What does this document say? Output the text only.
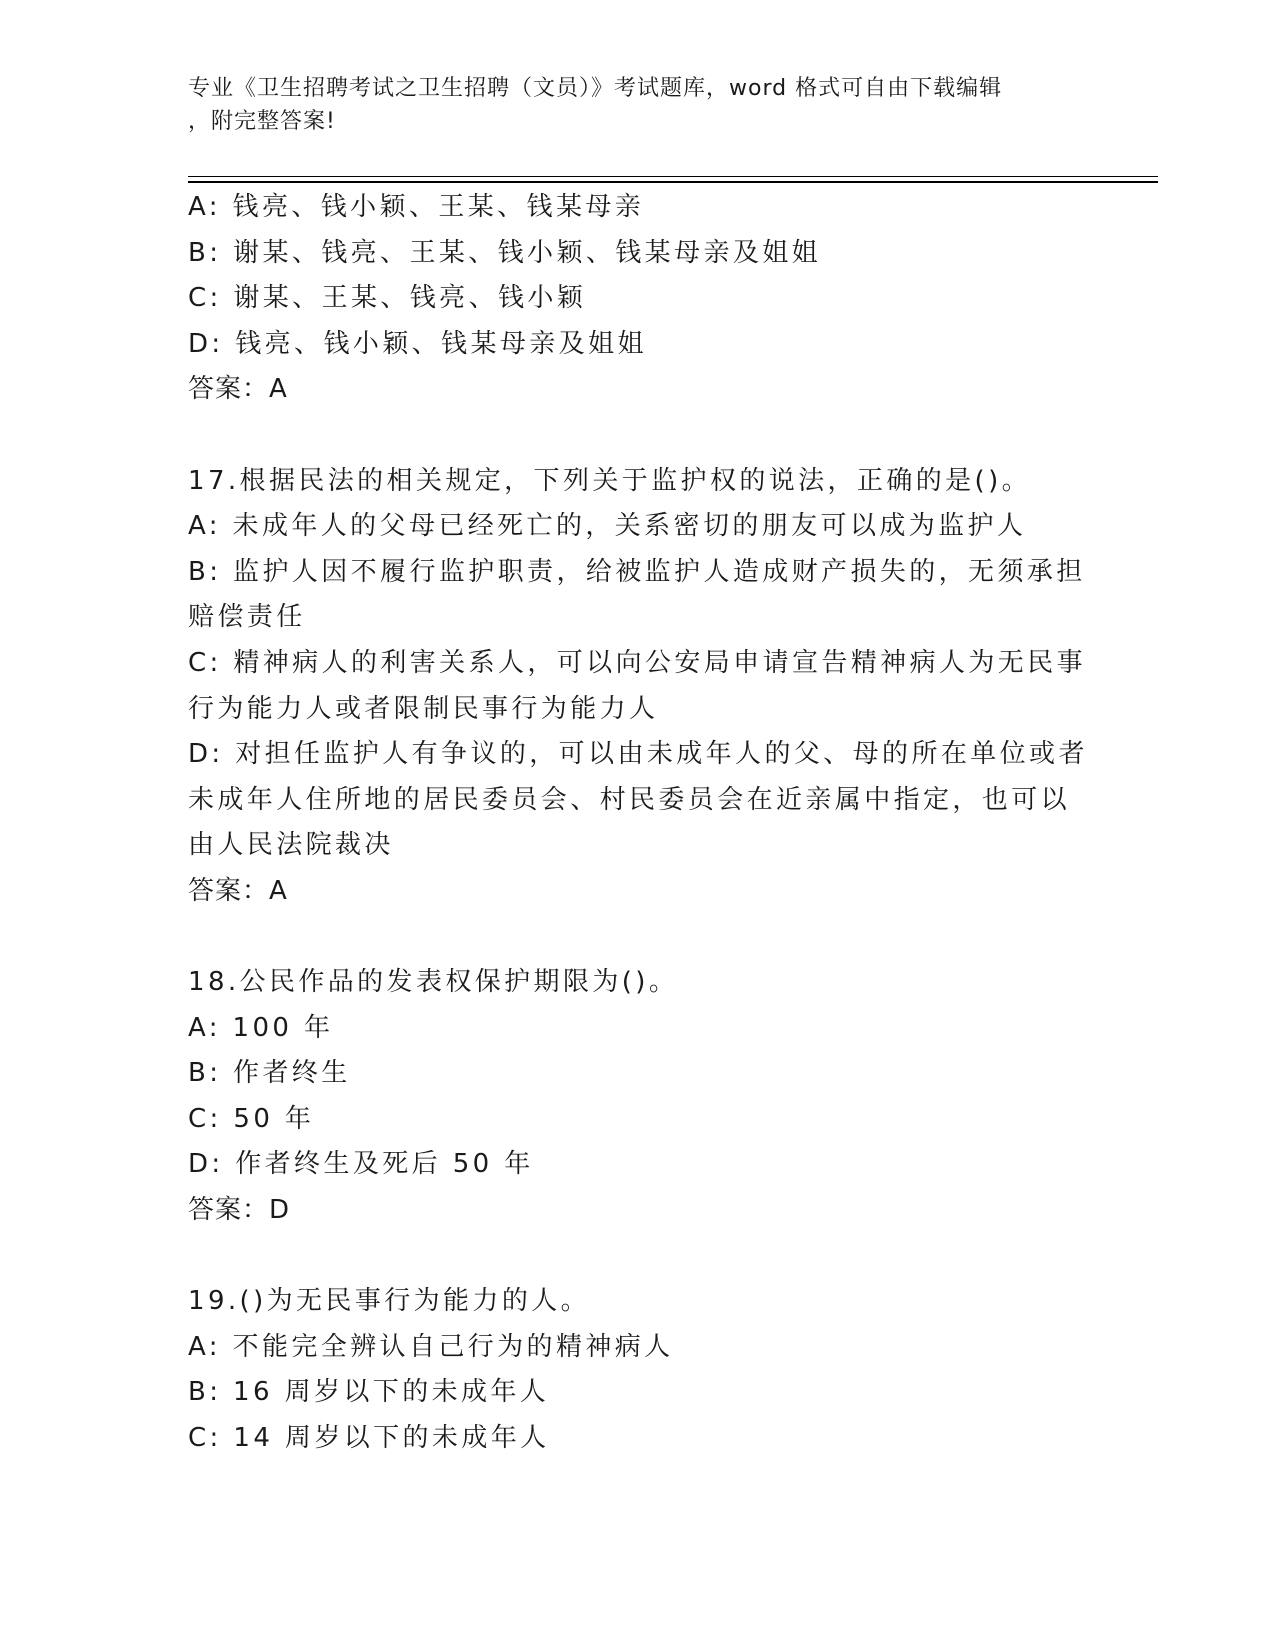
专业《卫生招聘考试之卫生招聘（文员）》考试题库，word 格式可自由下载编辑
，附完整答案!

A: 钱亮、钱小颖、王某、钱某母亲

B: 谢某、钱亮、王某、钱小颖、钱某母亲及姐姐

C: 谢某、王某、钱亮、钱小颖

D: 钱亮、钱小颖、钱某母亲及姐姐

答案：A

17.根据民法的相关规定，下列关于监护权的说法，正确的是()。

A: 未成年人的父母已经死亡的，关系密切的朋友可以成为监护人

B: 监护人因不履行监护职责，给被监护人造成财产损失的，无须承担

赔偿责任

C: 精神病人的利害关系人，可以向公安局申请宣告精神病人为无民事

行为能力人或者限制民事行为能力人

D: 对担任监护人有争议的，可以由未成年人的父、母的所在单位或者

未成年人住所地的居民委员会、村民委员会在近亲属中指定，也可以

由人民法院裁决

答案：A

18.公民作品的发表权保护期限为()。

A: 100 年

B: 作者终生

C: 50 年

D: 作者终生及死后 50 年

答案：D

19.()为无民事行为能力的人。

A: 不能完全辨认自己行为的精神病人

B: 16 周岁以下的未成年人

C: 14 周岁以下的未成年人
